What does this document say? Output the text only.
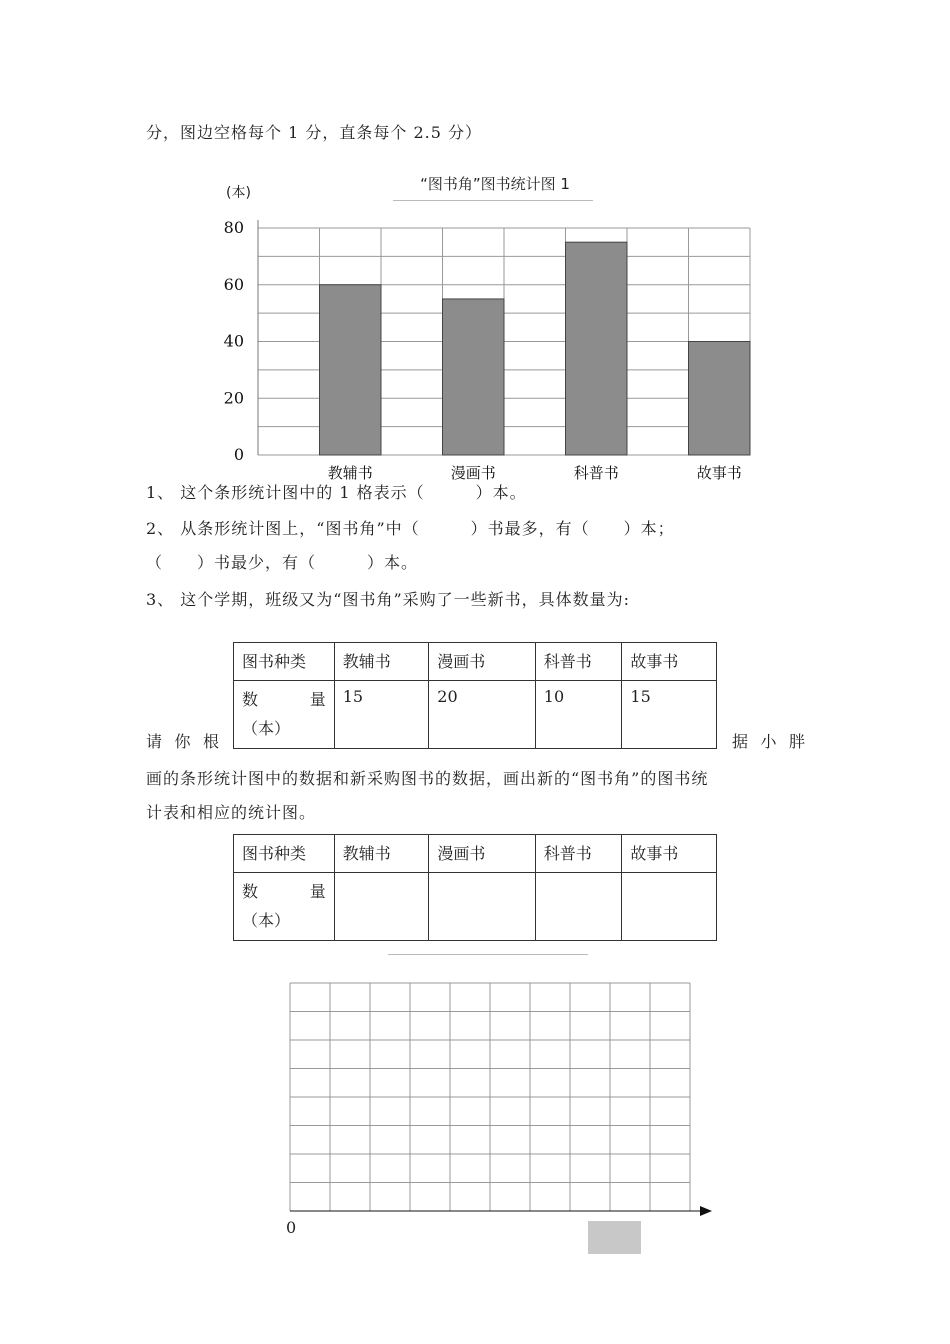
分，图边空格每个 1 分，直条每个 2.5 分）
(本)	“图书角”图书统计图 1
0
20
40
60
80
教辅书	漫画书	科普书	故事书
1、 这个条形统计图中的 1 格表示（　　　）本。
2、 从条形统计图上，“图书角”中（　　　）书最多，有（　　）本；
（　　）书最少，有（　　　）本。
3、 这个学期，班级又为“图书角”采购了一些新书，具体数量为:
图书种类	教辅书	漫画书	科普书	故事书

数 量
（本）	15	20	10	15
请 你 根	据 小 胖
画的条形统计图中的数据和新采购图书的数据，画出新的“图书角”的图书统
计表和相应的统计图。
图书种类	教辅书	漫画书	科普书	故事书

数 量
（本）				

0
